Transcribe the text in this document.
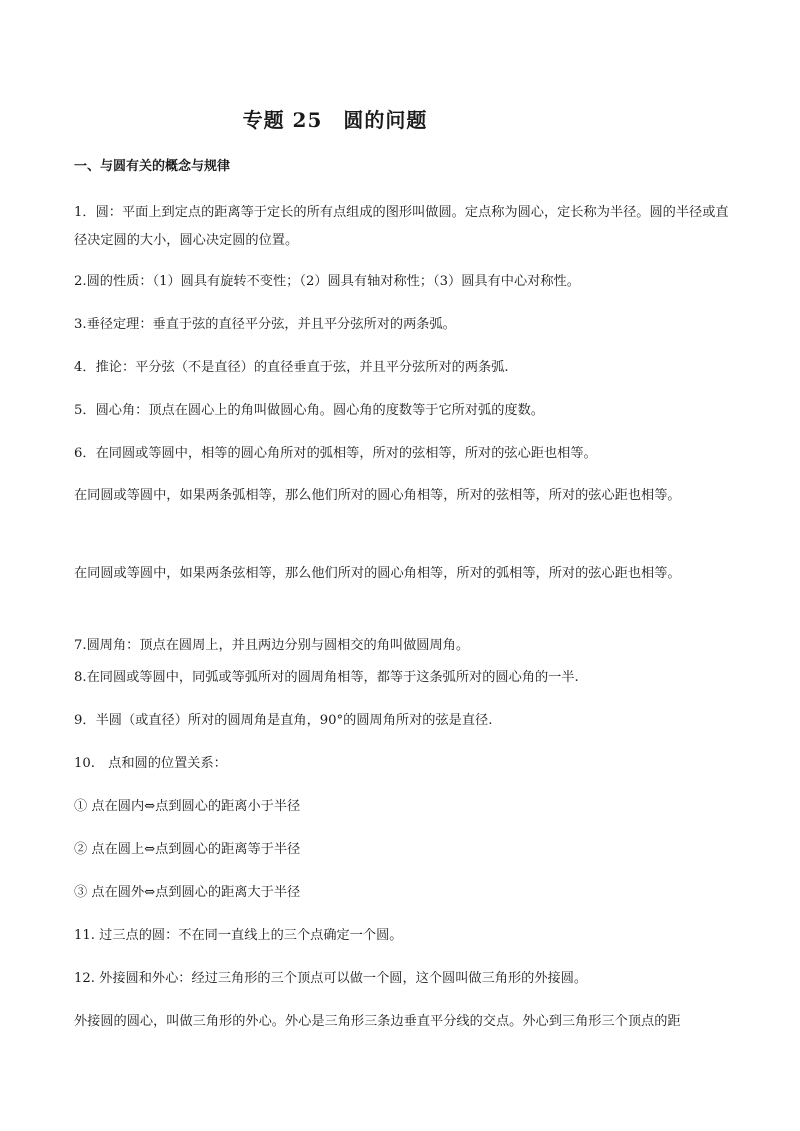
专题 25　圆的问题
一、与圆有关的概念与规律
1．圆：平面上到定点的距离等于定长的所有点组成的图形叫做圆。定点称为圆心，定长称为半径。圆的半径或直径决定圆的大小，圆心决定圆的位置。
2.圆的性质：（1）圆具有旋转不变性；（2）圆具有轴对称性；（3）圆具有中心对称性。
3.垂径定理：垂直于弦的直径平分弦，并且平分弦所对的两条弧。
4．推论：平分弦（不是直径）的直径垂直于弦，并且平分弦所对的两条弧.
5．圆心角：顶点在圆心上的角叫做圆心角。圆心角的度数等于它所对弧的度数。
6．在同圆或等圆中，相等的圆心角所对的弧相等，所对的弦相等，所对的弦心距也相等。
在同圆或等圆中，如果两条弧相等，那么他们所对的圆心角相等，所对的弦相等，所对的弦心距也相等。
在同圆或等圆中，如果两条弦相等，那么他们所对的圆心角相等，所对的弧相等，所对的弦心距也相等。
7.圆周角：顶点在圆周上，并且两边分别与圆相交的角叫做圆周角。
8.在同圆或等圆中，同弧或等弧所对的圆周角相等，都等于这条弧所对的圆心角的一半.
9．半圆（或直径）所对的圆周角是直角，90°的圆周角所对的弦是直径.
10.　点和圆的位置关系：
① 点在圆内⇔点到圆心的距离小于半径
② 点在圆上⇔点到圆心的距离等于半径
③ 点在圆外⇔点到圆心的距离大于半径
11. 过三点的圆：不在同一直线上的三个点确定一个圆。
12. 外接圆和外心：经过三角形的三个顶点可以做一个圆，这个圆叫做三角形的外接圆。
外接圆的圆心，叫做三角形的外心。外心是三角形三条边垂直平分线的交点。外心到三角形三个顶点的距
